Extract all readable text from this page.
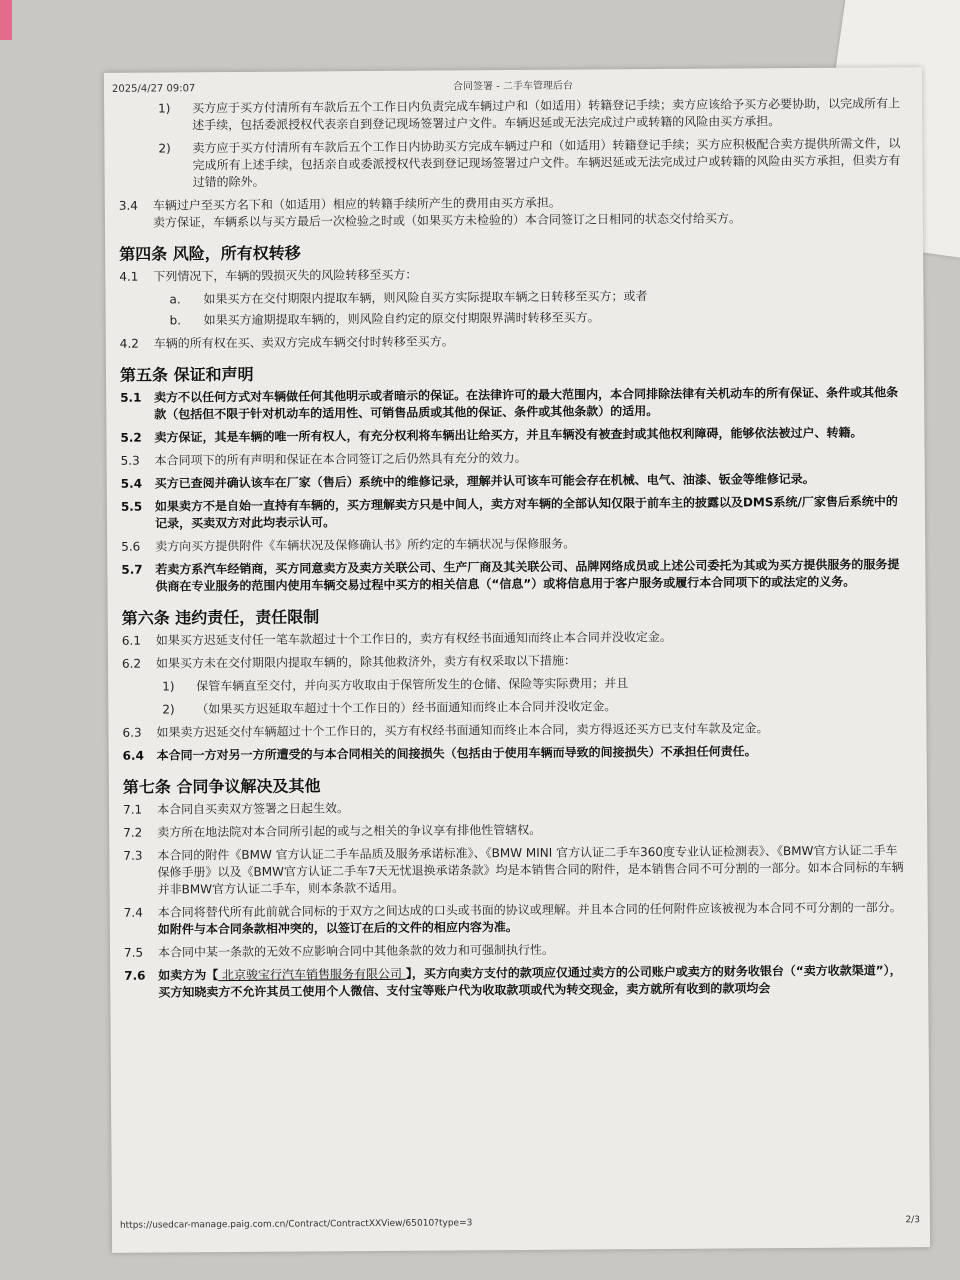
2025/4/27 09:07	合同签署 - 二手车管理后台
1)	买方应于买方付清所有车款后五个工作日内负责完成车辆过户和（如适用）转籍登记手续；卖方应该给予买方必要协助，以完成所有上述手续，包括委派授权代表亲自到登记现场签署过户文件。车辆迟延或无法完成过户或转籍的风险由买方承担。
2)	卖方应于买方付清所有车款后五个工作日内协助买方完成车辆过户和（如适用）转籍登记手续；买方应积极配合卖方提供所需文件，以完成所有上述手续，包括亲自或委派授权代表到登记现场签署过户文件。车辆迟延或无法完成过户或转籍的风险由买方承担，但卖方有过错的除外。
3.4	车辆过户至买方名下和（如适用）相应的转籍手续所产生的费用由买方承担。
卖方保证，车辆系以与买方最后一次检验之时或（如果买方未检验的）本合同签订之日相同的状态交付给买方。
第四条 风险，所有权转移
4.1	下列情况下，车辆的毁损灭失的风险转移至买方：
a.	如果买方在交付期限内提取车辆，则风险自买方实际提取车辆之日转移至买方；或者
b.	如果买方逾期提取车辆的，则风险自约定的原交付期限界满时转移至买方。
4.2	车辆的所有权在买、卖双方完成车辆交付时转移至买方。
第五条 保证和声明
5.1	卖方不以任何方式对车辆做任何其他明示或者暗示的保证。在法律许可的最大范围内，本合同排除法律有关机动车的所有保证、条件或其他条款（包括但不限于针对机动车的适用性、可销售品质或其他的保证、条件或其他条款）的适用。
5.2	卖方保证，其是车辆的唯一所有权人，有充分权利将车辆出让给买方，并且车辆没有被查封或其他权利障碍，能够依法被过户、转籍。
5.3	本合同项下的所有声明和保证在本合同签订之后仍然具有充分的效力。
5.4	买方已查阅并确认该车在厂家（售后）系统中的维修记录，理解并认可该车可能会存在机械、电气、油漆、钣金等维修记录。
5.5	如果卖方不是自始一直持有车辆的，买方理解卖方只是中间人，卖方对车辆的全部认知仅限于前车主的披露以及DMS系统/厂家售后系统中的记录，买卖双方对此均表示认可。
5.6	卖方向买方提供附件《车辆状况及保修确认书》所约定的车辆状况与保修服务。
5.7	若卖方系汽车经销商，买方同意卖方及卖方关联公司、生产厂商及其关联公司、品牌网络成员或上述公司委托为其或为买方提供服务的服务提供商在专业服务的范围内使用车辆交易过程中买方的相关信息（“信息”）或将信息用于客户服务或履行本合同项下的或法定的义务。
第六条 违约责任，责任限制
6.1	如果买方迟延支付任一笔车款超过十个工作日的，卖方有权经书面通知而终止本合同并没收定金。
6.2	如果买方未在交付期限内提取车辆的，除其他救济外，卖方有权采取以下措施：
1)	保管车辆直至交付，并向买方收取由于保管所发生的仓储、保险等实际费用；并且
2)	（如果买方迟延取车超过十个工作日的）经书面通知而终止本合同并没收定金。
6.3	如果卖方迟延交付车辆超过十个工作日的，买方有权经书面通知而终止本合同，卖方得返还买方已支付车款及定金。
6.4	本合同一方对另一方所遭受的与本合同相关的间接损失（包括由于使用车辆而导致的间接损失）不承担任何责任。
第七条 合同争议解决及其他
7.1	本合同自买卖双方签署之日起生效。
7.2	卖方所在地法院对本合同所引起的或与之相关的争议享有排他性管辖权。
7.3	本合同的附件《BMW 官方认证二手车品质及服务承诺标准》、《BMW MINI 官方认证二手车360度专业认证检测表》、《BMW官方认证二手车保修手册》以及《BMW官方认证二手车7天无忧退换承诺条款》均是本销售合同的附件，是本销售合同不可分割的一部分。如本合同标的车辆并非BMW官方认证二手车，则本条款不适用。
7.4	本合同将替代所有此前就合同标的于双方之间达成的口头或书面的协议或理解。并且本合同的任何附件应该被视为本合同不可分割的一部分。如附件与本合同条款相冲突的，以签订在后的文件的相应内容为准。
7.5	本合同中某一条款的无效不应影响合同中其他条款的效力和可强制执行性。
7.6	如卖方为【 北京骏宝行汽车销售服务有限公司 】，买方向卖方支付的款项应仅通过卖方的公司账户或卖方的财务收银台（“卖方收款渠道”），买方知晓卖方不允许其员工使用个人微信、支付宝等账户代为收取款项或代为转交现金，卖方就所有收到的款项均会
https://usedcar-manage.paig.com.cn/Contract/ContractXXView/65010?type=3	2/3
